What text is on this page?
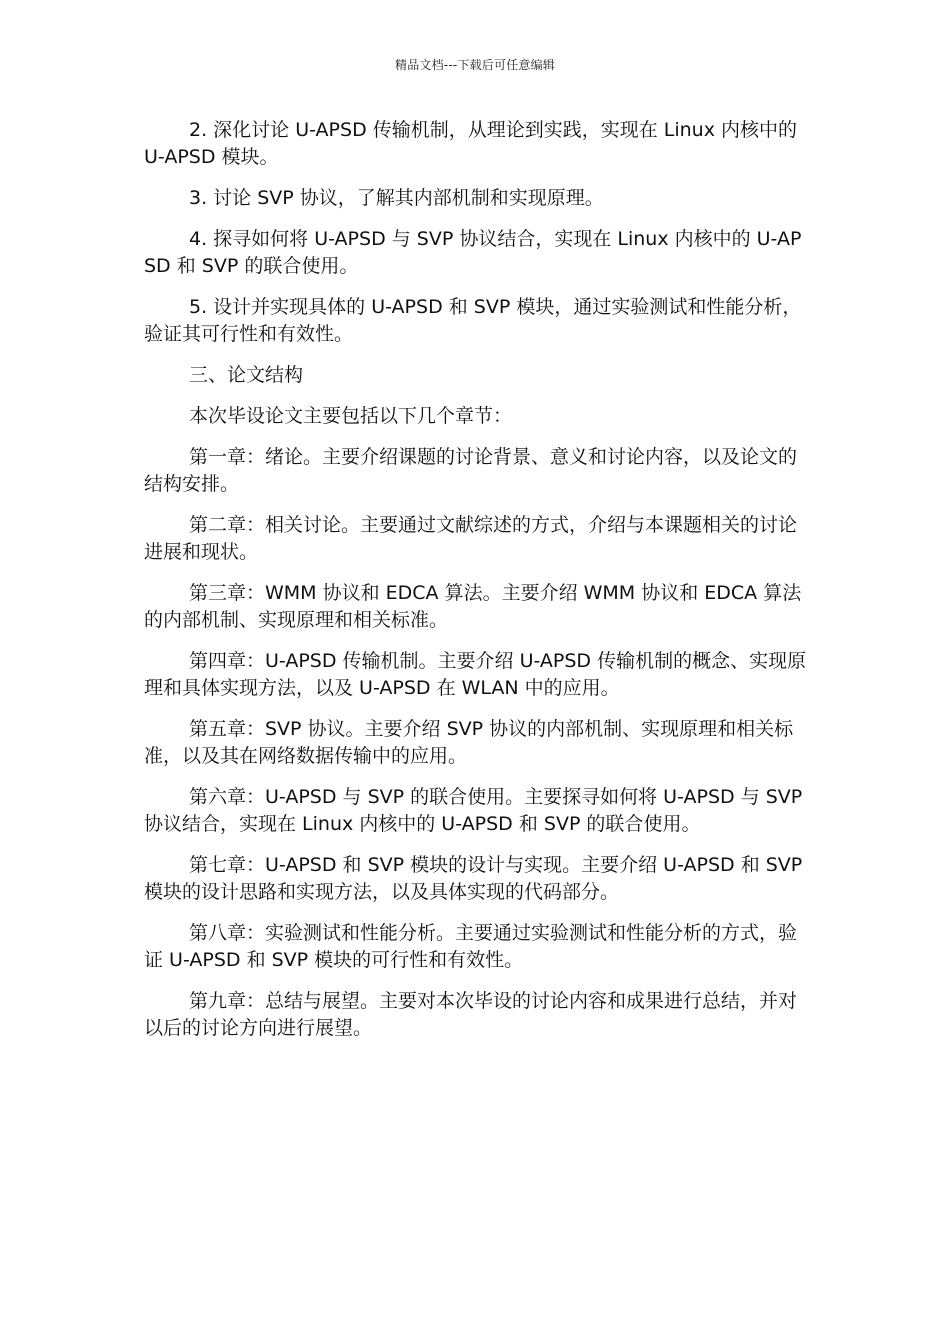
精品文档---下载后可任意编辑

2. 深化讨论 U-APSD 传输机制，从理论到实践，实现在 Linux 内核中的 U-APSD 模块。

3. 讨论 SVP 协议，了解其内部机制和实现原理。

4. 探寻如何将 U-APSD 与 SVP 协议结合，实现在 Linux 内核中的 U-APSD 和 SVP 的联合使用。

5. 设计并实现具体的 U-APSD 和 SVP 模块，通过实验测试和性能分析，验证其可行性和有效性。

三、论文结构

本次毕设论文主要包括以下几个章节：

第一章：绪论。主要介绍课题的讨论背景、意义和讨论内容，以及论文的结构安排。

第二章：相关讨论。主要通过文献综述的方式，介绍与本课题相关的讨论进展和现状。

第三章：WMM 协议和 EDCA 算法。主要介绍 WMM 协议和 EDCA 算法的内部机制、实现原理和相关标准。

第四章：U-APSD 传输机制。主要介绍 U-APSD 传输机制的概念、实现原理和具体实现方法，以及 U-APSD 在 WLAN 中的应用。

第五章：SVP 协议。主要介绍 SVP 协议的内部机制、实现原理和相关标准，以及其在网络数据传输中的应用。

第六章：U-APSD 与 SVP 的联合使用。主要探寻如何将 U-APSD 与 SVP 协议结合，实现在 Linux 内核中的 U-APSD 和 SVP 的联合使用。

第七章：U-APSD 和 SVP 模块的设计与实现。主要介绍 U-APSD 和 SVP 模块的设计思路和实现方法，以及具体实现的代码部分。

第八章：实验测试和性能分析。主要通过实验测试和性能分析的方式，验证 U-APSD 和 SVP 模块的可行性和有效性。

第九章：总结与展望。主要对本次毕设的讨论内容和成果进行总结，并对以后的讨论方向进行展望。
